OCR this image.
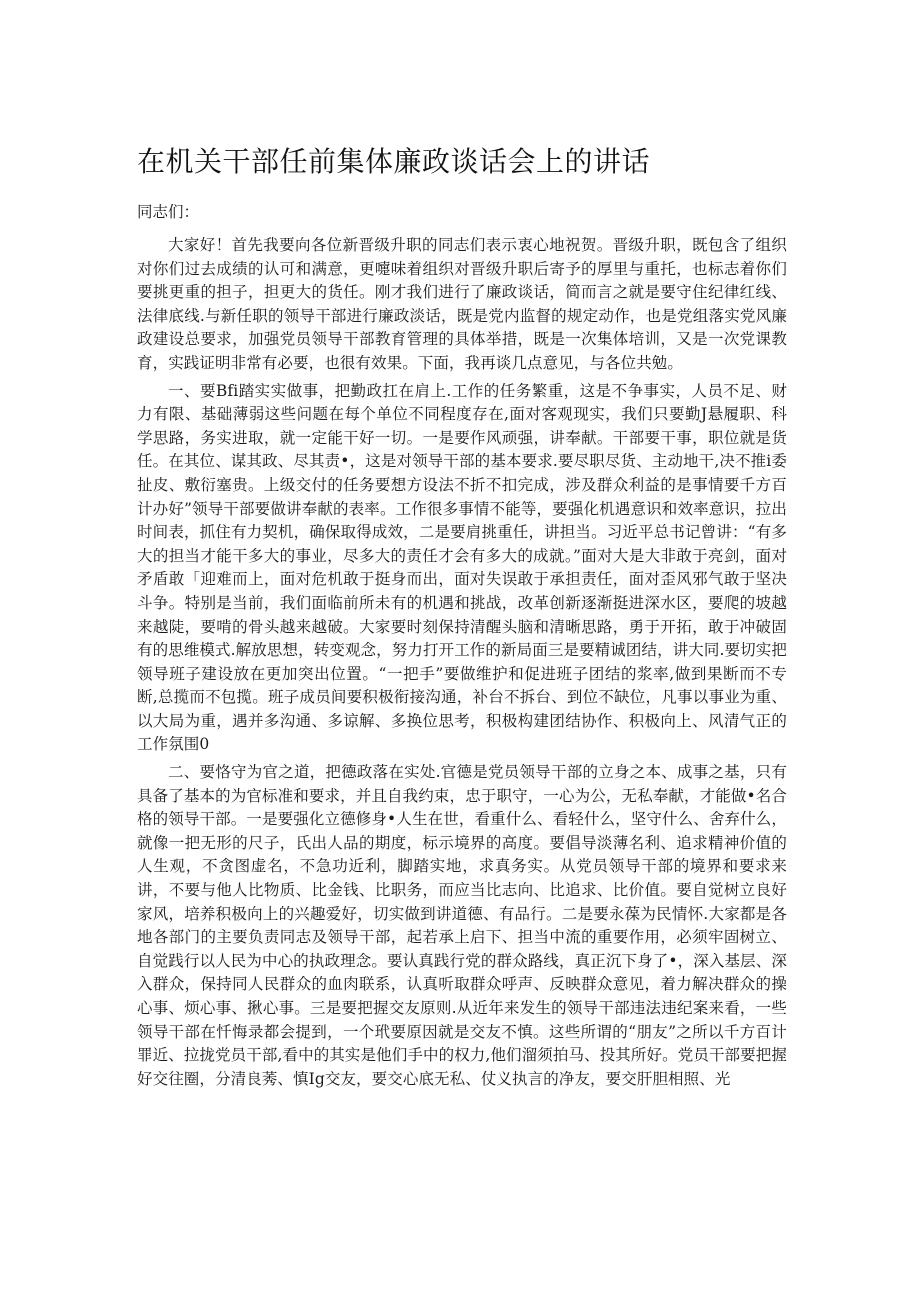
在机关干部任前集体廉政谈话会上的讲话

同志们：

大家好！首先我要向各位新晋级升职的同志们表示衷心地祝贺。晋级升职，既包含了组织对你们过去成绩的认可和满意，更嚏味着组织对晋级升职后寄予的厚里与重托，也标志着你们要挑更重的担子，担更大的货任。刚才我们进行了廉政谈话，简而言之就是要守住纪律红线、法律底线.与新任职的领导干部进行廉政淡话，既是党内监督的规定动作，也是党组落实党风廉政建设总要求，加强党员领导干部教育管理的具体举措，既是一次集体培训，又是一次党课教育，实践证明非常有必要，也很有效果。下面，我再谈几点意见，与各位共勉。

一、要Bfi踏实实做事，把勤政扛在肩上.工作的任务繁重，这是不争事实，人员不足、财力有限、基础薄弱这些问题在每个单位不同程度存在,面对客观现实，我们只要勤J悬履职、科学思路，务实进取，就一定能干好一切。一是要作风顽强，讲奉献。干部要干事，职位就是货任。在其位、谋其政、尽其责•，这是对领导干部的基本要求.要尽职尽货、主动地干,决不推i委扯皮、敷衍塞贵。上级交付的任务要想方设法不折不扣完成，涉及群众利益的是事情要千方百计办好”领导干部要做讲奉献的表率。工作很多事情不能等，要强化机遇意识和效率意识，拉出时间表，抓住有力契机，确保取得成效，二是要肩挑重任，讲担当。习近平总书记曾讲：“有多大的担当才能干多大的事业，尽多大的责任才会有多大的成就。”面对大是大非敢于亮剑，面对矛盾敢「迎难而上，面对危机敢于挺身而出，面对失误敢于承担责任，面对歪风邪气敢于坚决斗争。特别是当前，我们面临前所未有的机遇和挑战，改革创新逐渐挺进深水区，要爬的坡越来越陡，要啃的骨头越来越破。大家要时刻保持清醒头脑和清晰思路，勇于开拓，敢于冲破固有的思维模式.解放思想，转变观念，努力打开工作的新局面三是要精诚团结，讲大同.要切实把领导班子建设放在更加突出位置。“一把手”要做维护和促进班子团结的浆率,做到果断而不专断,总揽而不包揽。班子成员间要积极衔接沟通，补台不拆台、到位不缺位，凡事以事业为重、以大局为重，遇并多沟通、多谅解、多换位思考，积极构建团结协作、积极向上、风清气正的工作氛围0

二、要恪守为官之道，把德政落在实处.官德是党员领导干部的立身之本、成事之基，只有具备了基本的为官标准和要求，并且自我约束，忠于职守，一心为公，无私奉献，才能做•名合格的领导干部。一是要强化立德修身•人生在世，看重什么、看轻什么，坚守什么、舍弃什么，就像一把无形的尺子，氏出人品的期度，标示境界的高度。要倡导淡薄名利、追求精神价值的人生观，不贪图虚名，不急功近利，脚踏实地，求真务实。从党员领导干部的境界和要求来讲，不要与他人比物质、比金钱、比职务，而应当比志向、比追求、比价值。要自觉树立良好家风，培养积极向上的兴趣爱好，切实做到讲道德、有品行。二是要永葆为民情怀.大家都是各地各部门的主要负责同志及领导干部，起若承上启下、担当中流的重要作用，必须牢固树立、自觉践行以人民为中心的执政理念。要认真践行党的群众路线，真正沉下身了•，深入基层、深入群众，保持同人民群众的血肉联系，认真听取群众呼声、反映群众意见，着力解决群众的操心事、烦心事、揪心事。三是要把握交友原则.从近年来发生的领导干部违法违纪案来看，一些领导干部在忏悔录都会提到，一个玳要原因就是交友不慎。这些所谓的“朋友”之所以千方百计罪近、拉拢党员干部,看中的其实是他们手中的权力,他们溜须拍马、投其所好。党员干部要把握好交往圈，分清良莠、慎Ig交友，要交心底无私、仗义执言的净友，要交肝胆相照、光
